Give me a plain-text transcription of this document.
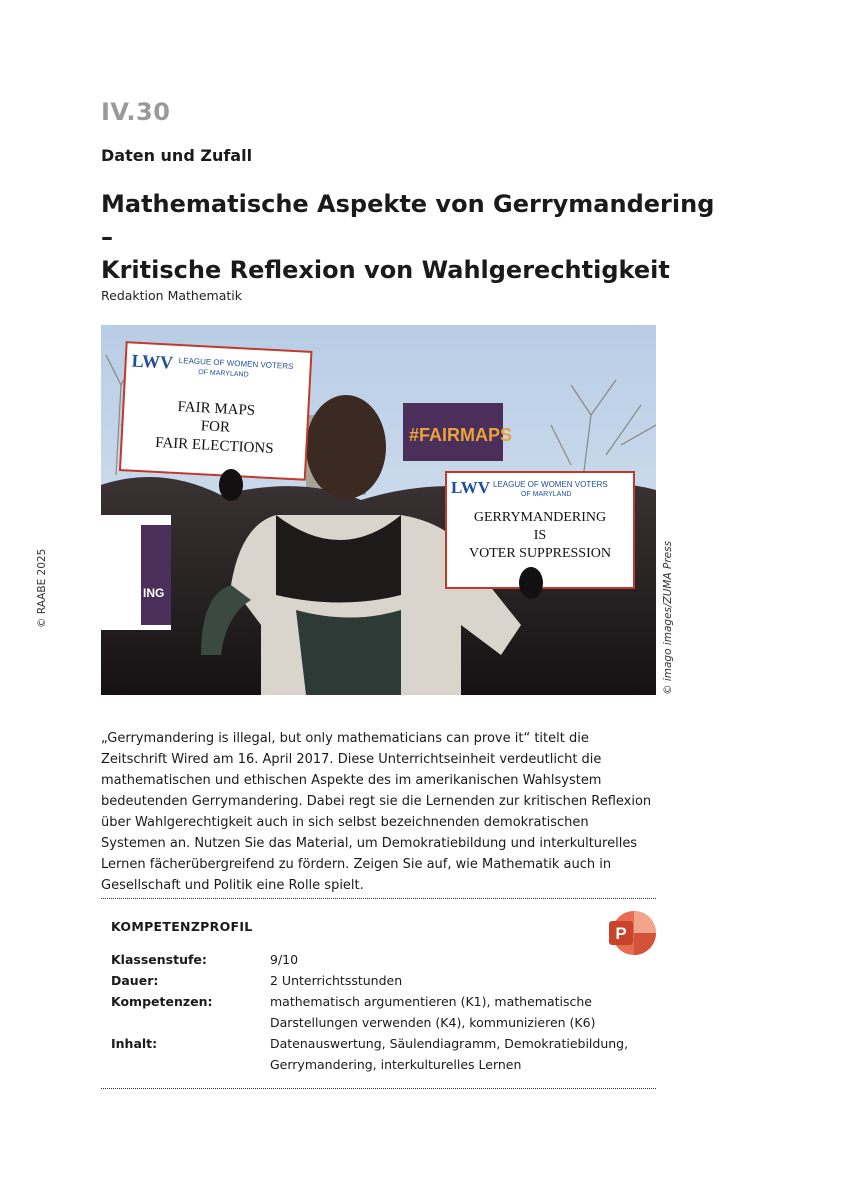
IV.30
Daten und Zufall
Mathematische Aspekte von Gerrymandering –
Kritische Reflexion von Wahlgerechtigkeit
Redaktion Mathematik
#FAIRMAPS
LWV LEAGUE OF WOMEN VOTERS
OF MARYLAND
FAIR MAPS
FOR
FAIR ELECTIONS
LWV LEAGUE OF WOMEN VOTERS
OF MARYLAND
GERRYMANDERING
IS
VOTER SUPPRESSION
ING	© imago images/ZUMA Press
© RAABE 2025
„Gerrymandering is illegal, but only mathematicians can prove it“ titelt die Zeitschrift Wired am 16. April 2017. Diese Unterrichtseinheit verdeutlicht die mathematischen und ethischen Aspekte des im amerikanischen Wahlsystem bedeutenden Gerrymandering. Dabei regt sie die Lernenden zur kritischen Reflexion über Wahlgerechtigkeit auch in sich selbst bezeichnenden demokratischen Systemen an. Nutzen Sie das Material, um Demokratiebildung und interkulturelles Lernen fächerübergreifend zu fördern. Zeigen Sie auf, wie Mathematik auch in Gesellschaft und Politik eine Rolle spielt.
KOMPETENZPROFIL	P
Klassenstufe:	9/10
Dauer:	2 Unterrichtsstunden
Kompetenzen:	mathematisch argumentieren (K1), mathematische Darstellungen verwenden (K4), kommunizieren (K6)
Inhalt:	Datenauswertung, Säulendiagramm, Demokratiebildung, Gerrymandering, interkulturelles Lernen
